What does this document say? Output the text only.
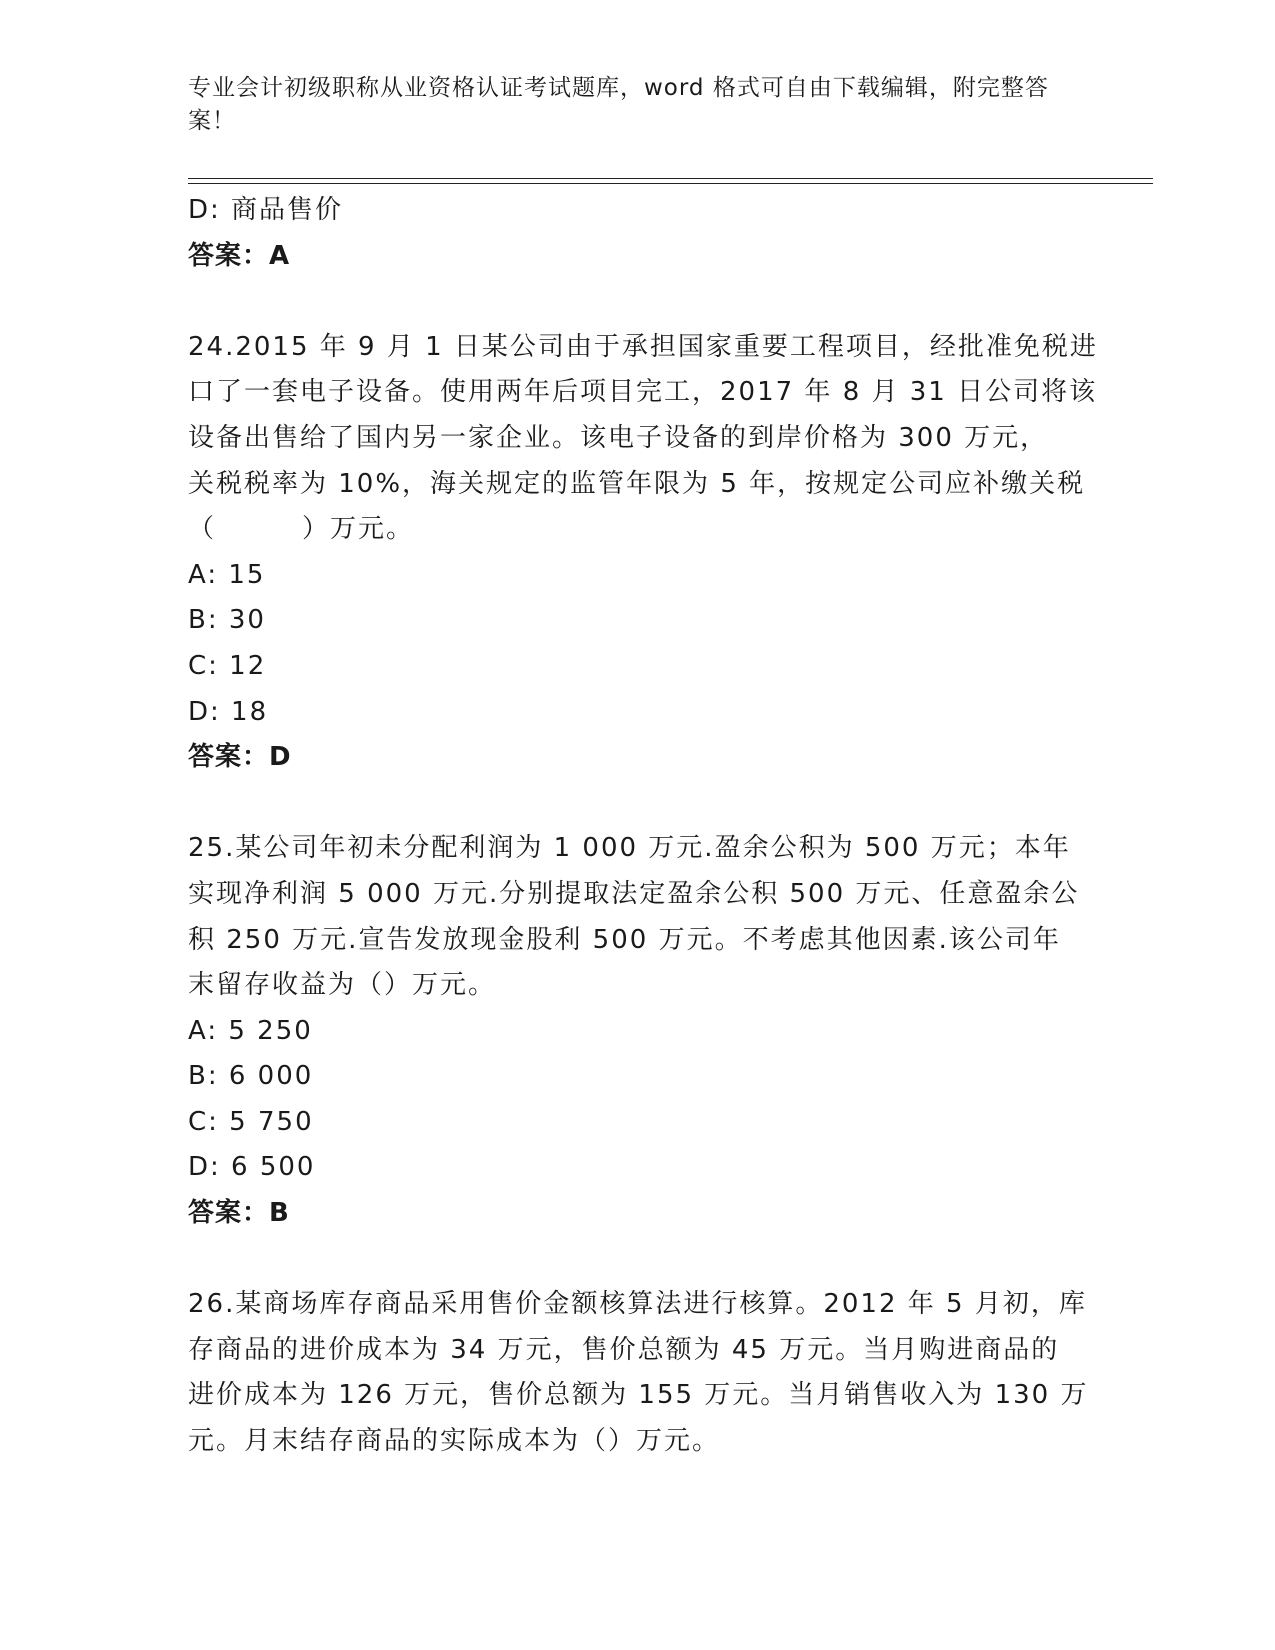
专业会计初级职称从业资格认证考试题库，word 格式可自由下载编辑，附完整答
案！
D: 商品售价
答案：A
24.2015 年 9 月 1 日某公司由于承担国家重要工程项目，经批准免税进
口了一套电子设备。使用两年后项目完工，2017 年 8 月 31 日公司将该
设备出售给了国内另一家企业。该电子设备的到岸价格为 300 万元，
关税税率为 10%，海关规定的监管年限为 5 年，按规定公司应补缴关税
（	）万元。
A: 15
B: 30
C: 12
D: 18
答案：D
25.某公司年初未分配利润为 1 000 万元.盈余公积为 500 万元；本年
实现净利润 5 000 万元.分别提取法定盈余公积 500 万元、任意盈余公
积 250 万元.宣告发放现金股利 500 万元。不考虑其他因素.该公司年
末留存收益为（）万元。
A: 5 250
B: 6 000
C: 5 750
D: 6 500
答案：B
26.某商场库存商品采用售价金额核算法进行核算。2012 年 5 月初，库
存商品的进价成本为 34 万元，售价总额为 45 万元。当月购进商品的
进价成本为 126 万元，售价总额为 155 万元。当月销售收入为 130 万
元。月末结存商品的实际成本为（）万元。
